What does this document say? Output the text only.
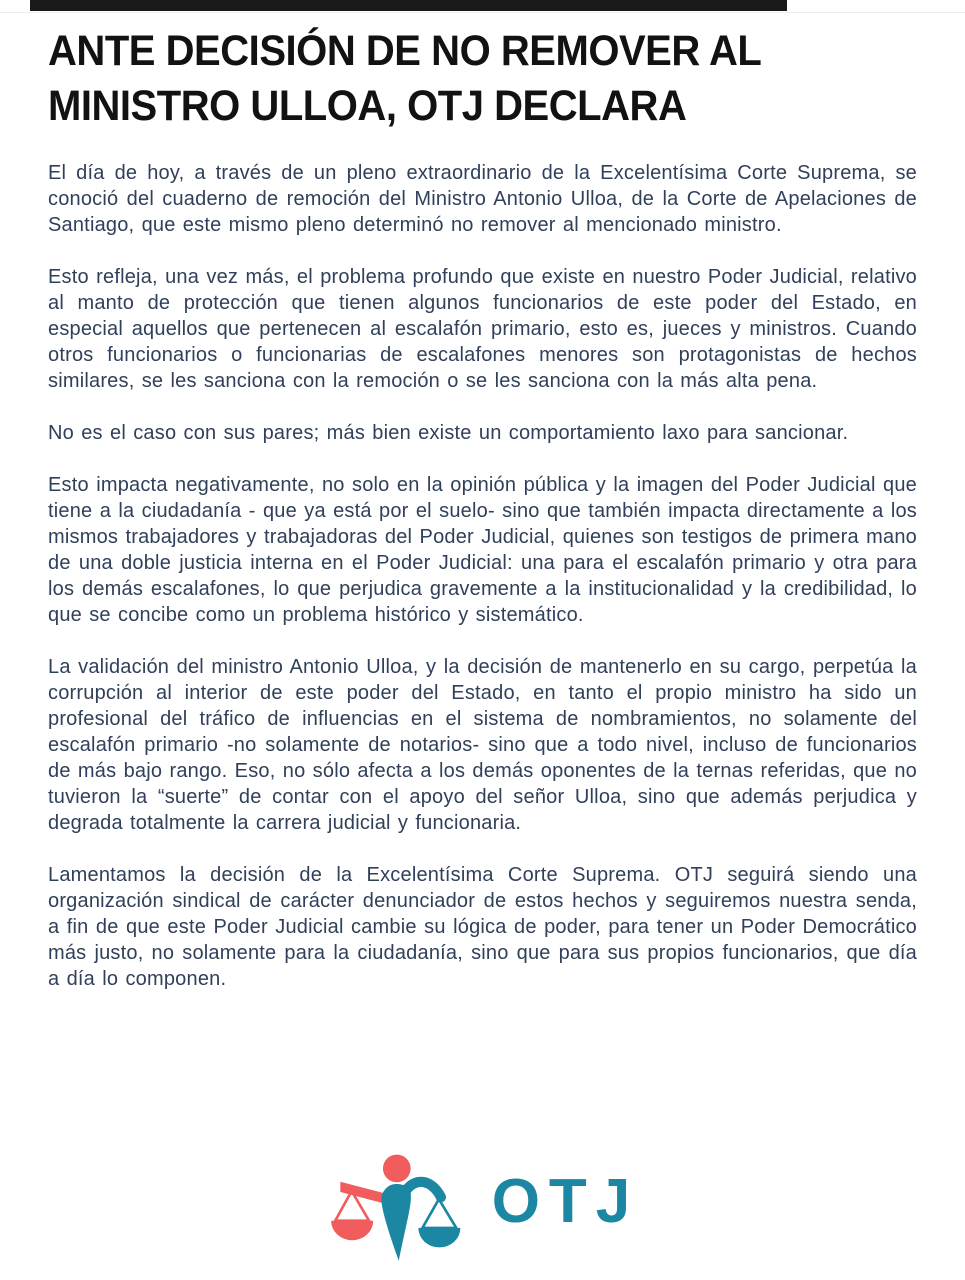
ANTE DECISIÓN DE NO REMOVER AL
MINISTRO ULLOA, OTJ DECLARA

El día de hoy, a través de un pleno extraordinario de la Excelentísima Corte Suprema, se conoció del cuaderno de remoción del Ministro Antonio Ulloa, de la Corte de Apelaciones de Santiago, que este mismo pleno determinó no remover al mencionado ministro.

Esto refleja, una vez más, el problema profundo que existe en nuestro Poder Judicial, relativo al manto de protección que tienen algunos funcionarios de este poder del Estado, en especial aquellos que pertenecen al escalafón primario, esto es, jueces y ministros. Cuando otros funcionarios o funcionarias de escalafones menores son protagonistas de hechos similares, se les sanciona con la remoción o se les sanciona con la más alta pena.

No es el caso con sus pares; más bien existe un comportamiento laxo para sancionar.

Esto impacta negativamente, no solo en la opinión pública y la imagen del Poder Judicial que tiene a la ciudadanía - que ya está por el suelo- sino que también impacta directamente a los mismos trabajadores y trabajadoras del Poder Judicial, quienes son testigos de primera mano de una doble justicia interna en el Poder Judicial: una para el escalafón primario y otra para los demás escalafones, lo que perjudica gravemente a la institucionalidad y la credibilidad, lo que se concibe como un problema histórico y sistemático.

La validación del ministro Antonio Ulloa, y la decisión de mantenerlo en su cargo, perpetúa la corrupción al interior de este poder del Estado, en tanto el propio ministro ha sido un profesional del tráfico de influencias en el sistema de nombramientos, no solamente del escalafón primario -no solamente de notarios- sino que a todo nivel, incluso de funcionarios de más bajo rango. Eso, no sólo afecta a los demás oponentes de la ternas referidas, que no tuvieron la “suerte” de contar con el apoyo del señor Ulloa, sino que además perjudica y degrada totalmente la carrera judicial y funcionaria.

Lamentamos la decisión de la Excelentísima Corte Suprema. OTJ seguirá siendo una organización sindical de carácter denunciador de estos hechos y seguiremos nuestra senda, a fin de que este Poder Judicial cambie su lógica de poder, para tener un Poder Democrático más justo, no solamente para la ciudadanía, sino que para sus propios funcionarios, que día a día lo componen.

OTJ
